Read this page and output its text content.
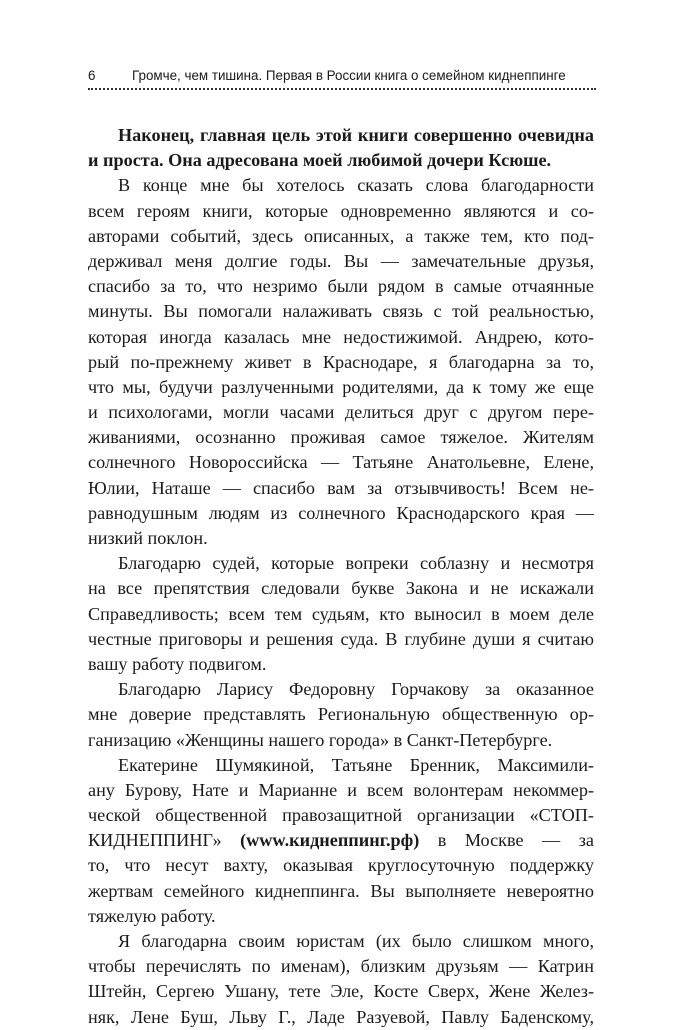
6	Громче, чем тишина. Первая в России книга о семейном киднеппинге
Наконец, главная цель этой книги совершенно очевидна
и проста. Она адресована моей любимой дочери Ксюше.
В конце мне бы хотелось сказать слова благодарности
всем героям книги, которые одновременно являются и со-
авторами событий, здесь описанных, а также тем, кто под-
держивал меня долгие годы. Вы — замечательные друзья,
спасибо за то, что незримо были рядом в самые отчаянные
минуты. Вы помогали налаживать связь с той реальностью,
которая иногда казалась мне недостижимой. Андрею, кото-
рый по-прежнему живет в Краснодаре, я благодарна за то,
что мы, будучи разлученными родителями, да к тому же еще
и психологами, могли часами делиться друг с другом пере-
живаниями, осознанно проживая самое тяжелое. Жителям
солнечного Новороссийска — Татьяне Анатольевне, Елене,
Юлии, Наташе — спасибо вам за отзывчивость! Всем не-
равнодушным людям из солнечного Краснодарского края —
низкий поклон.
Благодарю судей, которые вопреки соблазну и несмотря
на все препятствия следовали букве Закона и не искажали
Справедливость; всем тем судьям, кто выносил в моем деле
честные приговоры и решения суда. В глубине души я считаю
вашу работу подвигом.
Благодарю Ларису Федоровну Горчакову за оказанное
мне доверие представлять Региональную общественную ор-
ганизацию «Женщины нашего города» в Санкт-Петербурге.
Екатерине Шумякиной, Татьяне Бренник, Максимили-
ану Бурову, Нате и Марианне и всем волонтерам некоммер-
ческой общественной правозащитной организации «СТОП-
КИДНЕППИНГ» (www.киднеппинг.рф) в Москве — за
то, что несут вахту, оказывая круглосуточную поддержку
жертвам семейного киднеппинга. Вы выполняете невероятно
тяжелую работу.
Я благодарна своим юристам (их было слишком много,
чтобы перечислять по именам), близким друзьям — Катрин
Штейн, Сергею Ушану, тете Эле, Косте Сверх, Жене Желез-
няк, Лене Буш, Льву Г., Ладе Разуевой, Павлу Баденскому,
